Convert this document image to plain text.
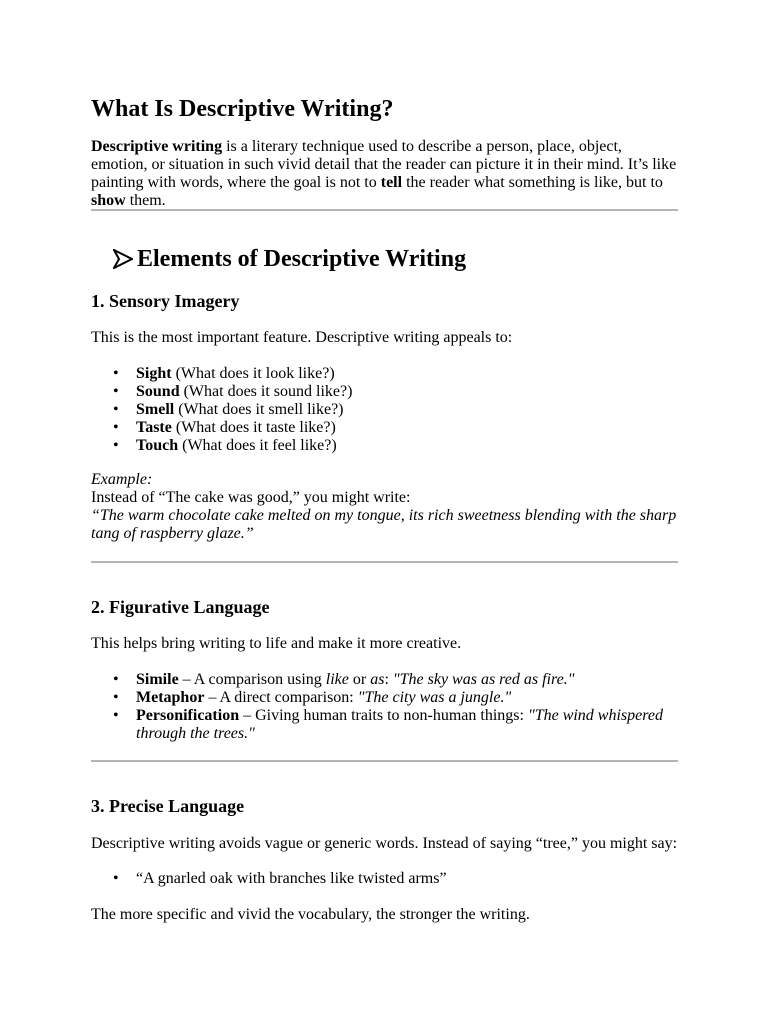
What Is Descriptive Writing?

Descriptive writing is a literary technique used to describe a person, place, object, emotion, or situation in such vivid detail that the reader can picture it in their mind. It’s like painting with words, where the goal is not to tell the reader what something is like, but to show them.

Elements of Descriptive Writing
1. Sensory Imagery

This is the most important feature. Descriptive writing appeals to:

• Sight (What does it look like?)
• Sound (What does it sound like?)
• Smell (What does it smell like?)
• Taste (What does it taste like?)
• Touch (What does it feel like?)

Example:
Instead of “The cake was good,” you might write:
“The warm chocolate cake melted on my tongue, its rich sweetness blending with the sharp tang of raspberry glaze.”

2. Figurative Language

This helps bring writing to life and make it more creative.

• Simile – A comparison using like or as: "The sky was as red as fire."
• Metaphor – A direct comparison: "The city was a jungle."
• Personification – Giving human traits to non-human things: "The wind whispered through the trees."
3. Precise Language

Descriptive writing avoids vague or generic words. Instead of saying “tree,” you might say:

• “A gnarled oak with branches like twisted arms”

The more specific and vivid the vocabulary, the stronger the writing.
